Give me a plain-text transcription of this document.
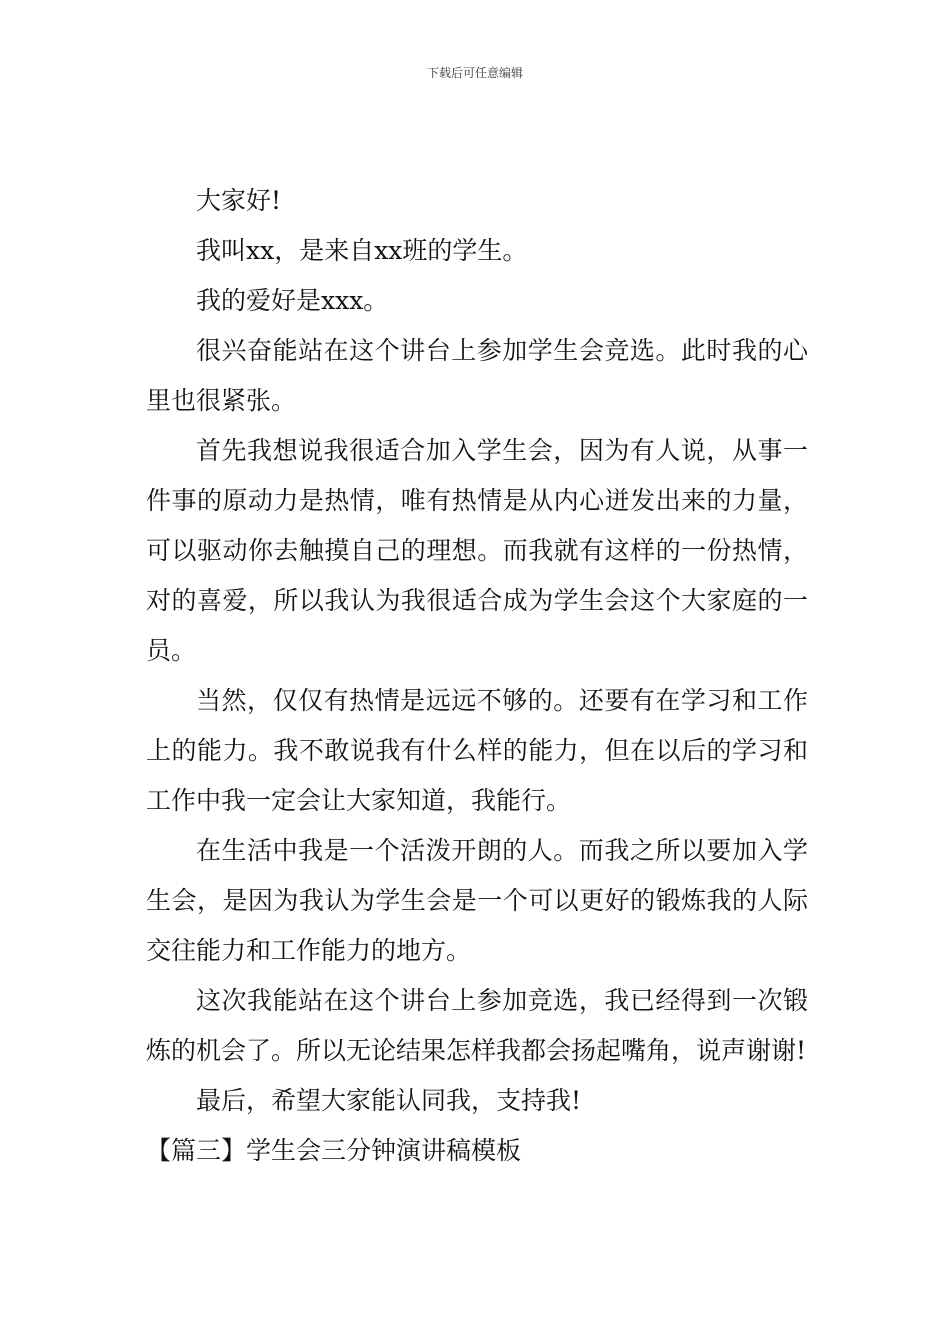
下载后可任意编辑

大家好!

我叫xx，是来自xx班的学生。

我的爱好是xxx。

很兴奋能站在这个讲台上参加学生会竞选。此时我的心里也很紧张。

首先我想说我很适合加入学生会，因为有人说，从事一件事的原动力是热情，唯有热情是从内心迸发出来的力量，可以驱动你去触摸自己的理想。而我就有这样的一份热情，对的喜爱，所以我认为我很适合成为学生会这个大家庭的一员。

当然，仅仅有热情是远远不够的。还要有在学习和工作上的能力。我不敢说我有什么样的能力，但在以后的学习和工作中我一定会让大家知道，我能行。

在生活中我是一个活泼开朗的人。而我之所以要加入学生会，是因为我认为学生会是一个可以更好的锻炼我的人际交往能力和工作能力的地方。

这次我能站在这个讲台上参加竞选，我已经得到一次锻炼的机会了。所以无论结果怎样我都会扬起嘴角，说声谢谢!

最后，希望大家能认同我，支持我!

【篇三】学生会三分钟演讲稿模板
